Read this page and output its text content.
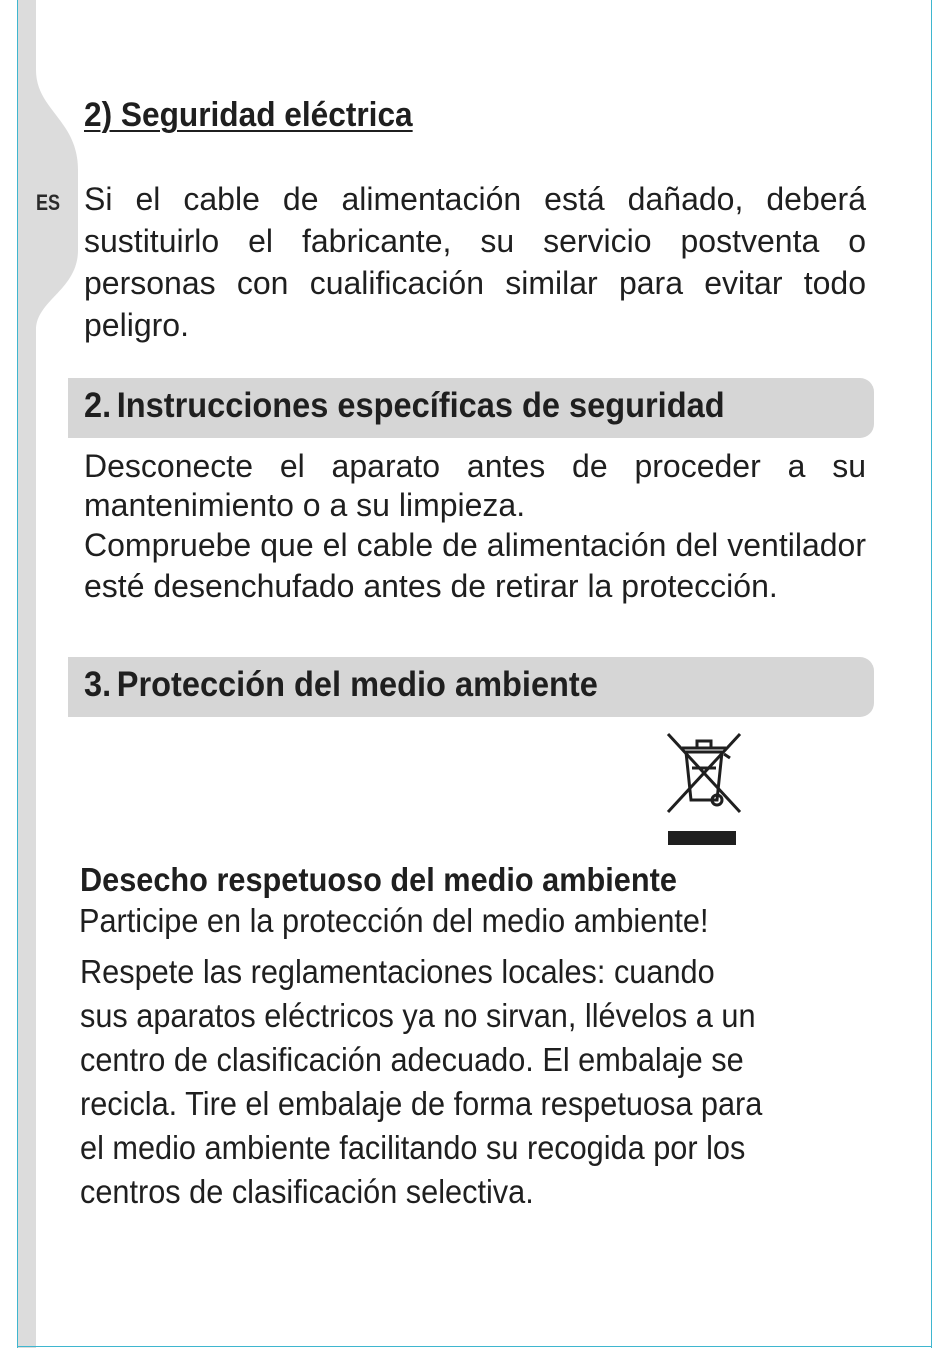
ES
2) Seguridad eléctrica
Si el cable de alimentación está dañado, deberá sustituirlo el fabricante, su servicio postventa o personas con cualificación similar para evitar todo peligro.
2. Instrucciones específicas de seguridad
Desconecte el aparato antes de proceder a su mantenimiento o a su limpieza.
Compruebe que el cable de alimentación del ventilador esté desenchufado antes de retirar la protección.
3. Protección del medio ambiente
Desecho respetuoso del medio ambiente
Participe en la protección del medio ambiente!
Respete las reglamentaciones locales: cuando
sus aparatos eléctricos ya no sirvan, llévelos a un
centro de clasificación adecuado. El embalaje se
recicla. Tire el embalaje de forma respetuosa para
el medio ambiente facilitando su recogida por los
centros de clasificación selectiva.
